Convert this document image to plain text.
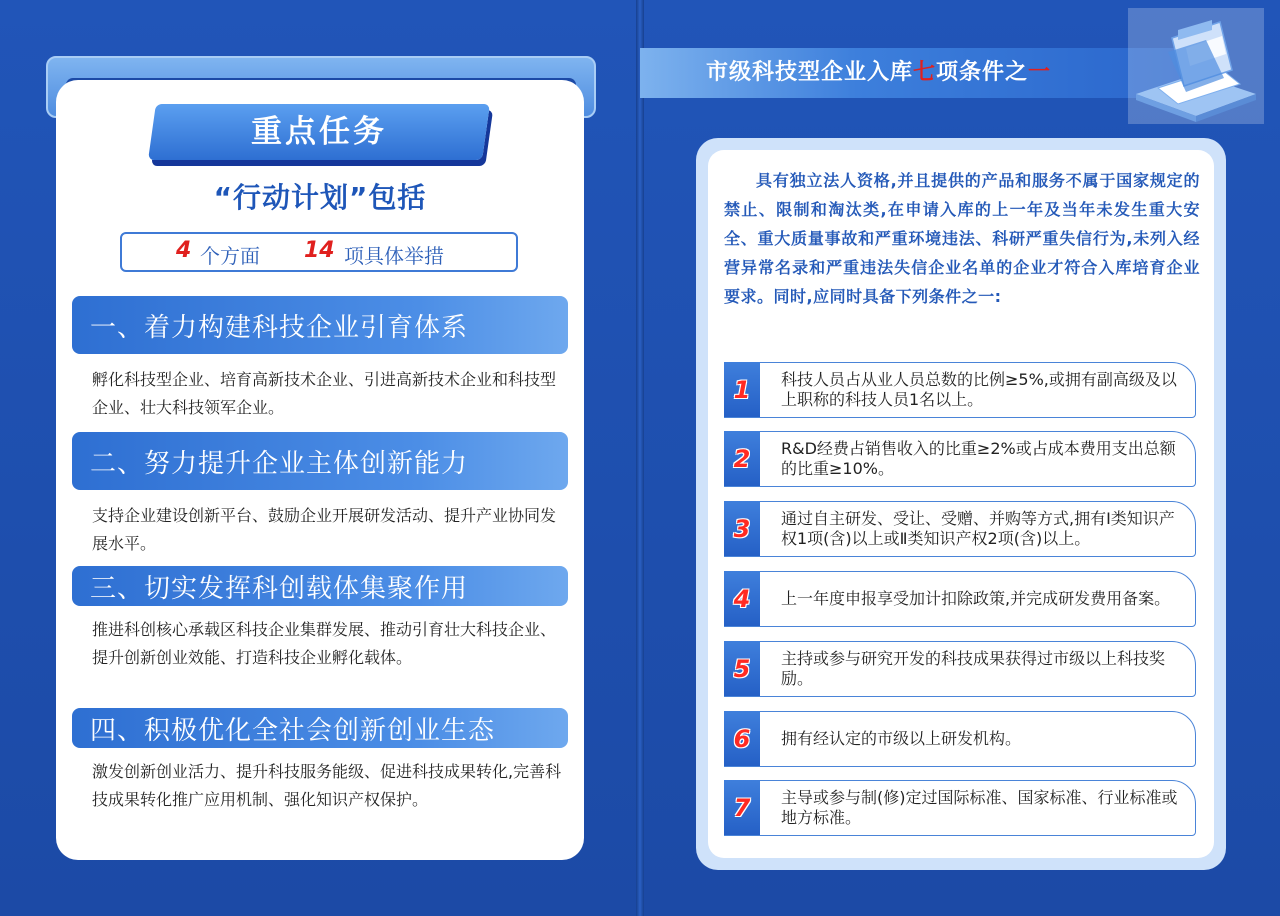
重点任务
“行动计划”包括
4 个方面 14 项具体举措
一、着力构建科技企业引育体系
孵化科技型企业、培育高新技术企业、引进高新技术企业和科技型企业、壮大科技领军企业。
二、努力提升企业主体创新能力
支持企业建设创新平台、鼓励企业开展研发活动、提升产业协同发展水平。
三、切实发挥科创载体集聚作用
推进科创核心承载区科技企业集群发展、推动引育壮大科技企业、提升创新创业效能、打造科技企业孵化载体。
四、积极优化全社会创新创业生态
激发创新创业活力、提升科技服务能级、促进科技成果转化,完善科技成果转化推广应用机制、强化知识产权保护。
市级科技型企业入库七项条件之一
具有独立法人资格,并且提供的产品和服务不属于国家规定的禁止、限制和淘汰类,在申请入库的上一年及当年未发生重大安全、重大质量事故和严重环境违法、科研严重失信行为,未列入经营异常名录和严重违法失信企业名单的企业才符合入库培育企业要求。同时,应同时具备下列条件之一:
1	科技人员占从业人员总数的比例≥5%,或拥有副高级及以上职称的科技人员1名以上。
2	R&D经费占销售收入的比重≥2%或占成本费用支出总额的比重≥10%。
3	通过自主研发、受让、受赠、并购等方式,拥有Ⅰ类知识产权1项(含)以上或Ⅱ类知识产权2项(含)以上。
4	上一年度申报享受加计扣除政策,并完成研发费用备案。
5	主持或参与研究开发的科技成果获得过市级以上科技奖励。
6	拥有经认定的市级以上研发机构。
7	主导或参与制(修)定过国际标准、国家标准、行业标准或地方标准。
